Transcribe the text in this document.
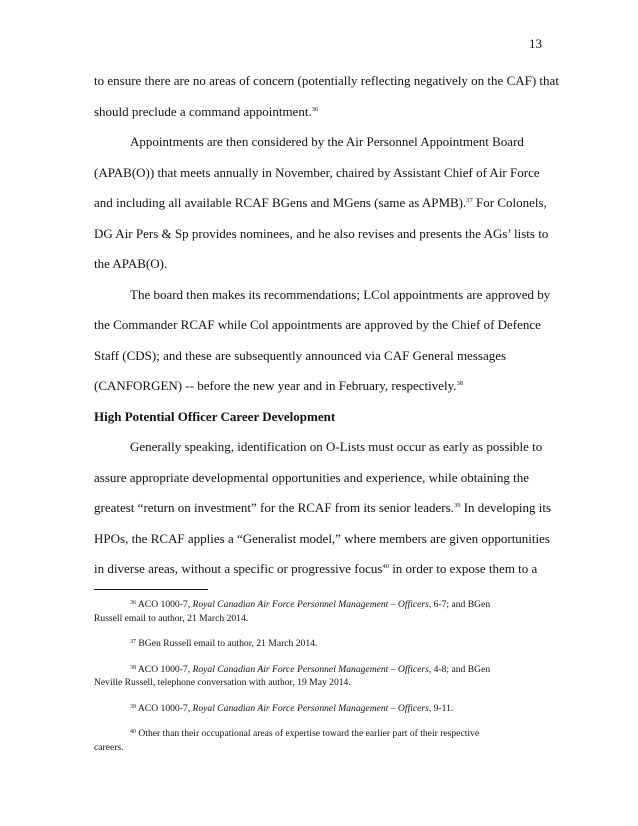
13
to ensure there are no areas of concern (potentially reflecting negatively on the CAF) that
should preclude a command appointment.$^{36}$
Appointments are then considered by the Air Personnel Appointment Board
(APAB(O)) that meets annually in November, chaired by Assistant Chief of Air Force
and including all available RCAF BGens and MGens (same as APMB).$^{37}$ For Colonels,
DG Air Pers & Sp provides nominees, and he also revises and presents the AGs’ lists to
the APAB(O).
The board then makes its recommendations; LCol appointments are approved by
the Commander RCAF while Col appointments are approved by the Chief of Defence
Staff (CDS); and these are subsequently announced via CAF General messages
(CANFORGEN) -- before the new year and in February, respectively.$^{38}$
High Potential Officer Career Development
Generally speaking, identification on O-Lists must occur as early as possible to
assure appropriate developmental opportunities and experience, while obtaining the
greatest “return on investment” for the RCAF from its senior leaders.$^{39}$ In developing its
HPOs, the RCAF applies a “Generalist model,” where members are given opportunities
in diverse areas, without a specific or progressive focus$^{40}$ in order to expose them to a
$^{36}$ ACO 1000-7, Royal Canadian Air Force Personnel Management – Officers, 6-7; and BGen
Russell email to author, 21 March 2014.
$^{37}$ BGen Russell email to author, 21 March 2014.
$^{38}$ ACO 1000-7, Royal Canadian Air Force Personnel Management – Officers, 4-8; and BGen
Neville Russell, telephone conversation with author, 19 May 2014.
$^{39}$ ACO 1000-7, Royal Canadian Air Force Personnel Management – Officers, 9-11.
$^{40}$ Other than their occupational areas of expertise toward the earlier part of their respective
careers.
